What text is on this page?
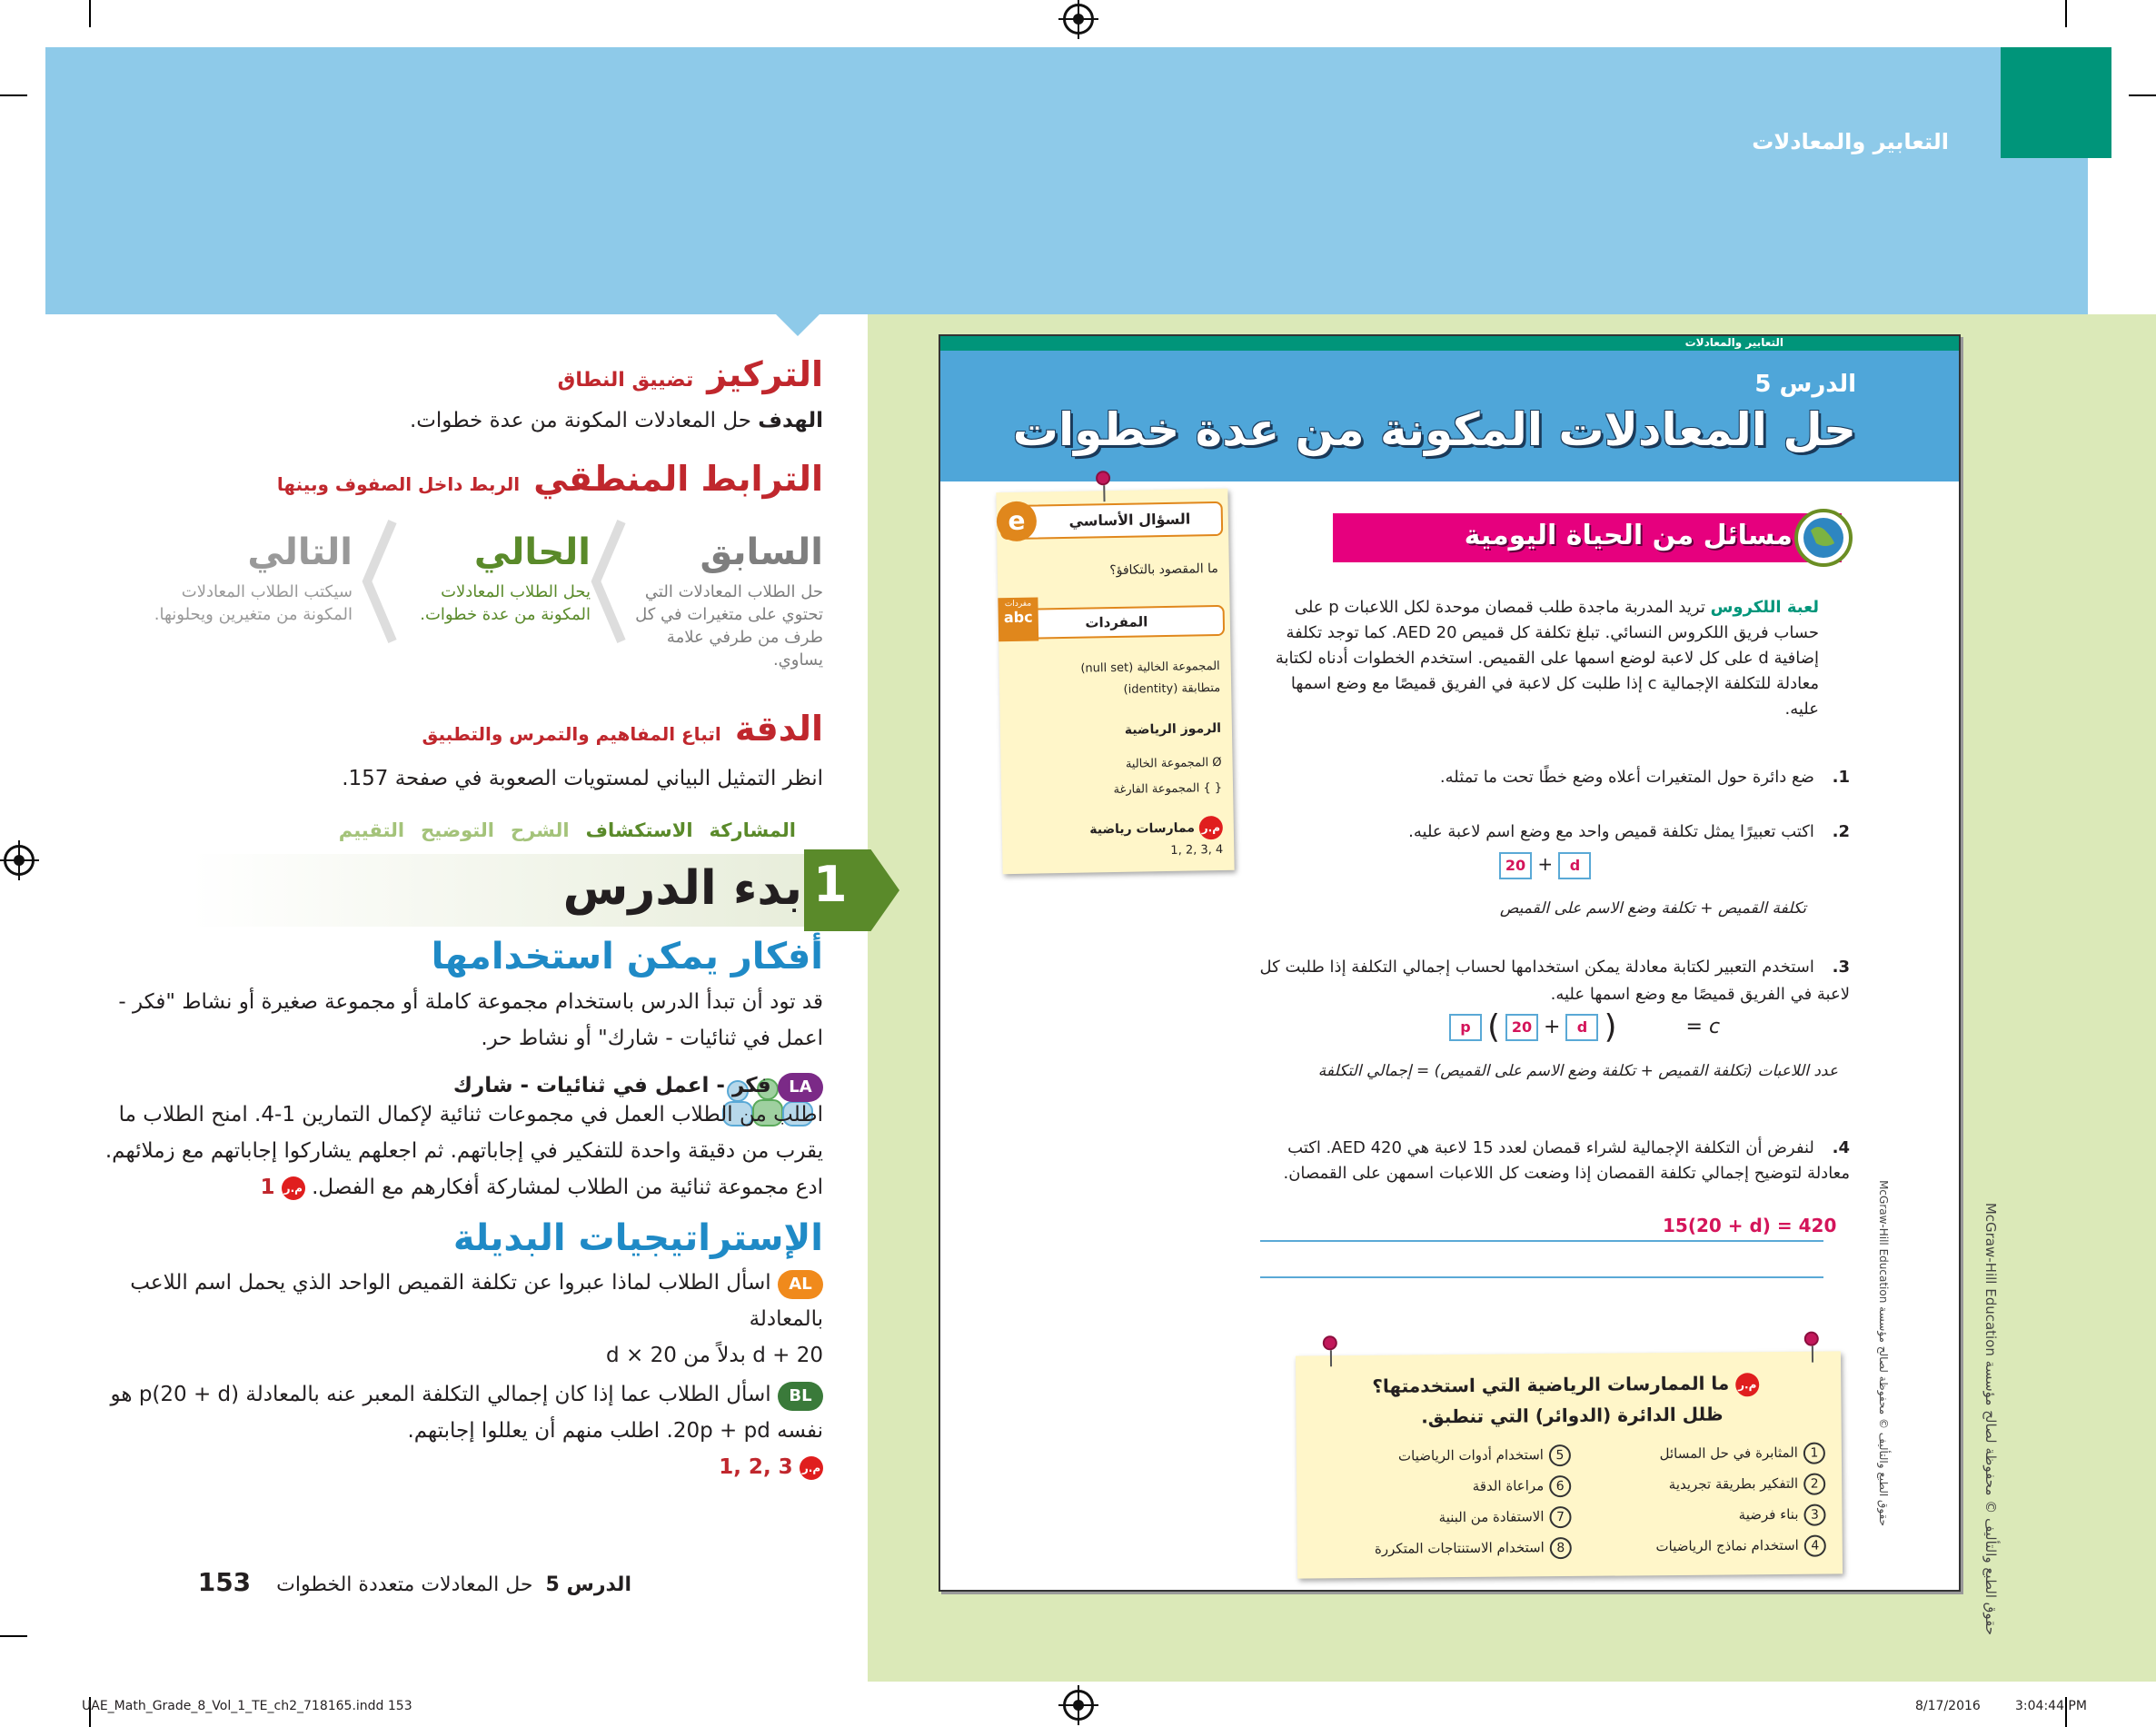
التعابير والمعادلات
التركيز تضييق النطاق
الهدف حل المعادلات المكونة من عدة خطوات.
الترابط المنطقي الربط داخل الصفوف وبينها
السابق
حل الطلاب المعادلات التي تحتوي على متغيرات في كل طرف من طرفي علامة يساوي.
الحالي
يحل الطلاب المعادلات المكونة من عدة خطوات.
التالي
سيكتب الطلاب المعادلات المكونة من متغيرين ويحلونها.
الدقة اتباع المفاهيم والتمرس والتطبيق
انظر التمثيل البياني لمستويات الصعوبة في صفحة 157.
المشاركة
الاستكشاف
الشرح
التوضيح
التقييم
1
بدء الدرس
أفكار يمكن استخدامها
قد تود أن تبدأ الدرس باستخدام مجموعة كاملة أو مجموعة صغيرة أو نشاط "فكر - اعمل في ثنائيات - شارك" أو نشاط حر.
LA فكر - اعمل في ثنائيات - شارك
اطلب من الطلاب العمل في مجموعات ثنائية لإكمال التمارين 1-4. امنح الطلاب ما يقرب من دقيقة واحدة للتفكير في إجاباتهم. ثم اجعلهم يشاركوا إجاباتهم مع زملائهم. ادع مجموعة ثنائية من الطلاب لمشاركة أفكارهم مع الفصل. م.ر 1
الإستراتيجيات البديلة
AL اسأل الطلاب لماذا عبروا عن تكلفة القميص الواحد الذي يحمل اسم اللاعب بالمعادلة
20 + d بدلاً من 20 × d
BL اسأل الطلاب عما إذا كان إجمالي التكلفة المعبر عنه بالمعادلة p(20 + d) هو نفسه 20p + pd. اطلب منهم أن يعللوا إجابتهم.
م.ر 1, 2, 3
الدرس 5
حل المعادلات متعددة الخطوات
153
UAE_Math_Grade_8_Vol_1_TE_ch2_718165.indd 153	8/17/2016	3:04:44 PM
التعابير والمعادلات
الدرس 5
حل المعادلات المكونة من عدة خطوات
مسائل من الحياة اليومية
لعبة اللكروس تريد المدربة ماجدة طلب قمصان موحدة لكل اللاعبات p على حساب فريق اللكروس النسائي. تبلغ تكلفة كل قميص 20 AED. كما توجد تكلفة إضافية d على كل لاعبة لوضع اسمها على القميص. استخدم الخطوات أدناه لكتابة معادلة للتكلفة الإجمالية c إذا طلبت كل لاعبة في الفريق قميصًا مع وضع اسمها عليه.
1. ضع دائرة حول المتغيرات أعلاه وضع خطًا تحت ما تمثله.
2. اكتب تعبيرًا يمثل تكلفة قميص واحد مع وضع اسم لاعبة عليه.
20 + d
تكلفة القميص + تكلفة وضع الاسم على القميص
3. استخدم التعبير لكتابة معادلة يمكن استخدامها لحساب إجمالي التكلفة إذا طلبت كل لاعبة في الفريق قميصًا مع وضع اسمها عليه.
p ( 20 +	d )	= c
عدد اللاعبات (تكلفة القميص + تكلفة وضع الاسم على القميص) = إجمالي التكلفة
4. لنفرض أن التكلفة الإجمالية لشراء قمصان لعدد 15 لاعبة هي 420 AED. اكتب معادلة لتوضيح إجمالي تكلفة القمصان إذا وضعت كل اللاعبات اسمهن على القمصان.
15(20 + d) = 420
السؤال الأساسي
e
ما المقصود بالتكافؤ؟
المفردات
مفردات
abc
المجموعة الخالية (null set)
متطابقة (identity)
الرموز الرياضية
Ø المجموعة الخالية
{ } المجموعة الفارغة
م.ر ممارسات رياضية
1, 2, 3, 4
م.ر ما الممارسات الرياضية التي استخدمتها؟
ظلل الدائرة (الدوائر) التي تنطبق.
1المثابرة في حل المسائل
5استخدام أدوات الرياضيات
2التفكير بطريقة تجريدية
6مراعاة الدقة
3بناء فرضية
7الاستفادة من البنية
4استخدام نماذج الرياضيات
8استخدام الاستنتاجات المتكررة
حقوق الطبع والتأليف © محفوظة لصالح مؤسسة McGraw-Hill Education
حقوق الطبع والتأليف © محفوظة لصالح مؤسسة McGraw-Hill Education
